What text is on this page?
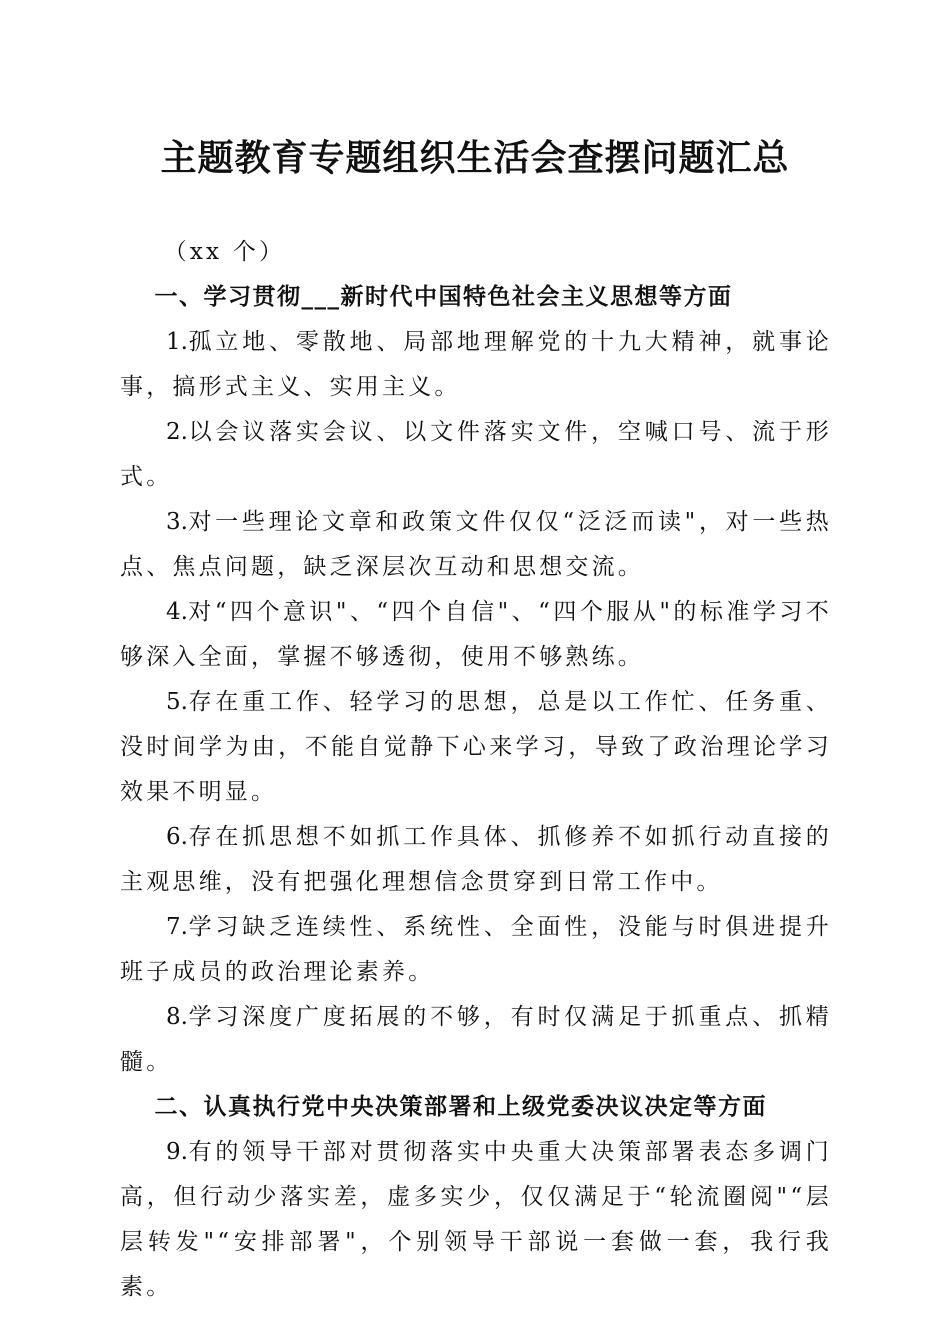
主题教育专题组织生活会查摆问题汇总

（xx 个）

一、学习贯彻___新时代中国特色社会主义思想等方面

1.孤立地、零散地、局部地理解党的十九大精神，就事论事，搞形式主义、实用主义。

2.以会议落实会议、以文件落实文件，空喊口号、流于形式。

3.对一些理论文章和政策文件仅仅“泛泛而读"，对一些热点、焦点问题，缺乏深层次互动和思想交流。

4.对“四个意识"、“四个自信"、“四个服从"的标准学习不够深入全面，掌握不够透彻，使用不够熟练。

5.存在重工作、轻学习的思想，总是以工作忙、任务重、没时间学为由，不能自觉静下心来学习，导致了政治理论学习效果不明显。

6.存在抓思想不如抓工作具体、抓修养不如抓行动直接的主观思维，没有把强化理想信念贯穿到日常工作中。

7.学习缺乏连续性、系统性、全面性，没能与时俱进提升班子成员的政治理论素养。

8.学习深度广度拓展的不够，有时仅满足于抓重点、抓精髓。

二、认真执行党中央决策部署和上级党委决议决定等方面

9.有的领导干部对贯彻落实中央重大决策部署表态多调门高，但行动少落实差，虚多实少，仅仅满足于“轮流圈阅"“层层转发"“安排部署"，个别领导干部说一套做一套，我行我素。
